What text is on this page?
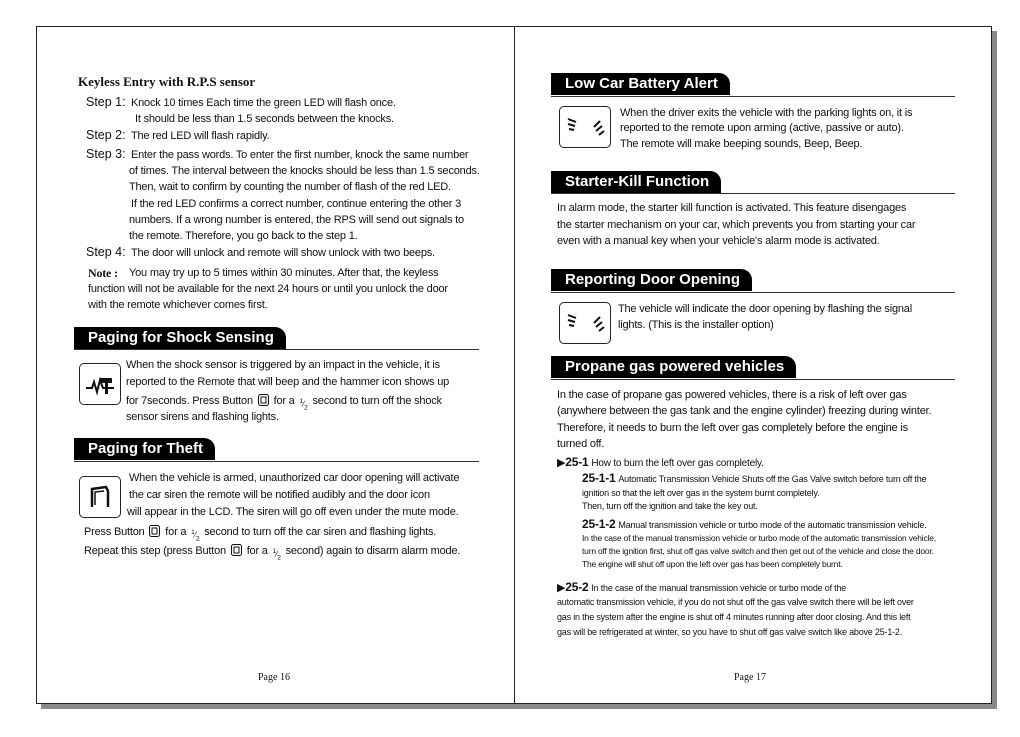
Keyless Entry with R.P.S sensor
Step 1: Knock 10 times Each time the green LED will flash once.
It should be less than 1.5 seconds between the knocks.
Step 2: The red LED will flash rapidly.
Step 3: Enter the pass words. To enter the first number, knock the same number
of times. The interval between the knocks should be less than 1.5 seconds.
Then, wait to confirm by counting the number of flash of the red LED.
If the red LED confirms a correct number, continue entering the other 3
numbers. If a wrong number is entered, the RPS will send out signals to
the remote. Therefore, you go back to the step 1.
Step 4: The door will unlock and remote will show unlock with two beeps.
Note : You may try up to 5 times within 30 minutes. After that, the keyless
function will not be available for the next 24 hours or until you unlock the door
with the remote whichever comes first.
Paging for Shock Sensing
When the shock sensor is triggered by an impact in the vehicle, it is
reported to the Remote that will beep and the hammer icon shows up
for 7seconds. Press Button for a $^1⁄_2$ second to turn off the shock
sensor sirens and flashing lights.
Paging for Theft
When the vehicle is armed, unauthorized car door opening will activate
the car siren the remote will be notified audibly and the door icon
will appear in the LCD. The siren will go off even under the mute mode.
Press Button for a $^1⁄_2$ second to turn off the car siren and flashing lights.
Repeat this step (press Button for a $^1⁄_2$ second) again to disarm alarm mode.
Page 16
Low Car Battery Alert
When the driver exits the vehicle with the parking lights on, it is
reported to the remote upon arming (active, passive or auto).
The remote will make beeping sounds, Beep, Beep.
Starter-Kill Function
In alarm mode, the starter kill function is activated. This feature disengages
the starter mechanism on your car, which prevents you from starting your car
even with a manual key when your vehicle's alarm mode is activated.
Reporting Door Opening
The vehicle will indicate the door opening by flashing the signal
lights. (This is the installer option)
Propane gas powered vehicles
In the case of propane gas powered vehicles, there is a risk of left over gas
(anywhere between the gas tank and the engine cylinder) freezing during winter.
Therefore, it needs to burn the left over gas completely before the engine is
turned off.
▶25-1 How to burn the left over gas completely.
25-1-1 Automatic Transmission Vehicle Shuts off the Gas Valve switch before turn off the
ignition so that the left over gas in the system burnt completely.
Then, turn off the ignition and take the key out.
25-1-2 Manual transmission vehicle or turbo mode of the automatic transmission vehicle.
In the case of the manual transmission vehicle or turbo mode of the automatic transmission vehicle,
turn off the ignition first, shut off gas valve switch and then get out of the vehicle and close the door.
The engine will shut off upon the left over gas has been completely burnt.
▶25-2 In the case of the manual transmission vehicle or turbo mode of the
automatic transmission vehicle, if you do not shut off the gas valve switch there will be left over
gas in the system after the engine is shut off 4 minutes running after door closing. And this left
gas will be refrigerated at winter, so you have to shut off gas valve switch like above 25-1-2.
Page 17
